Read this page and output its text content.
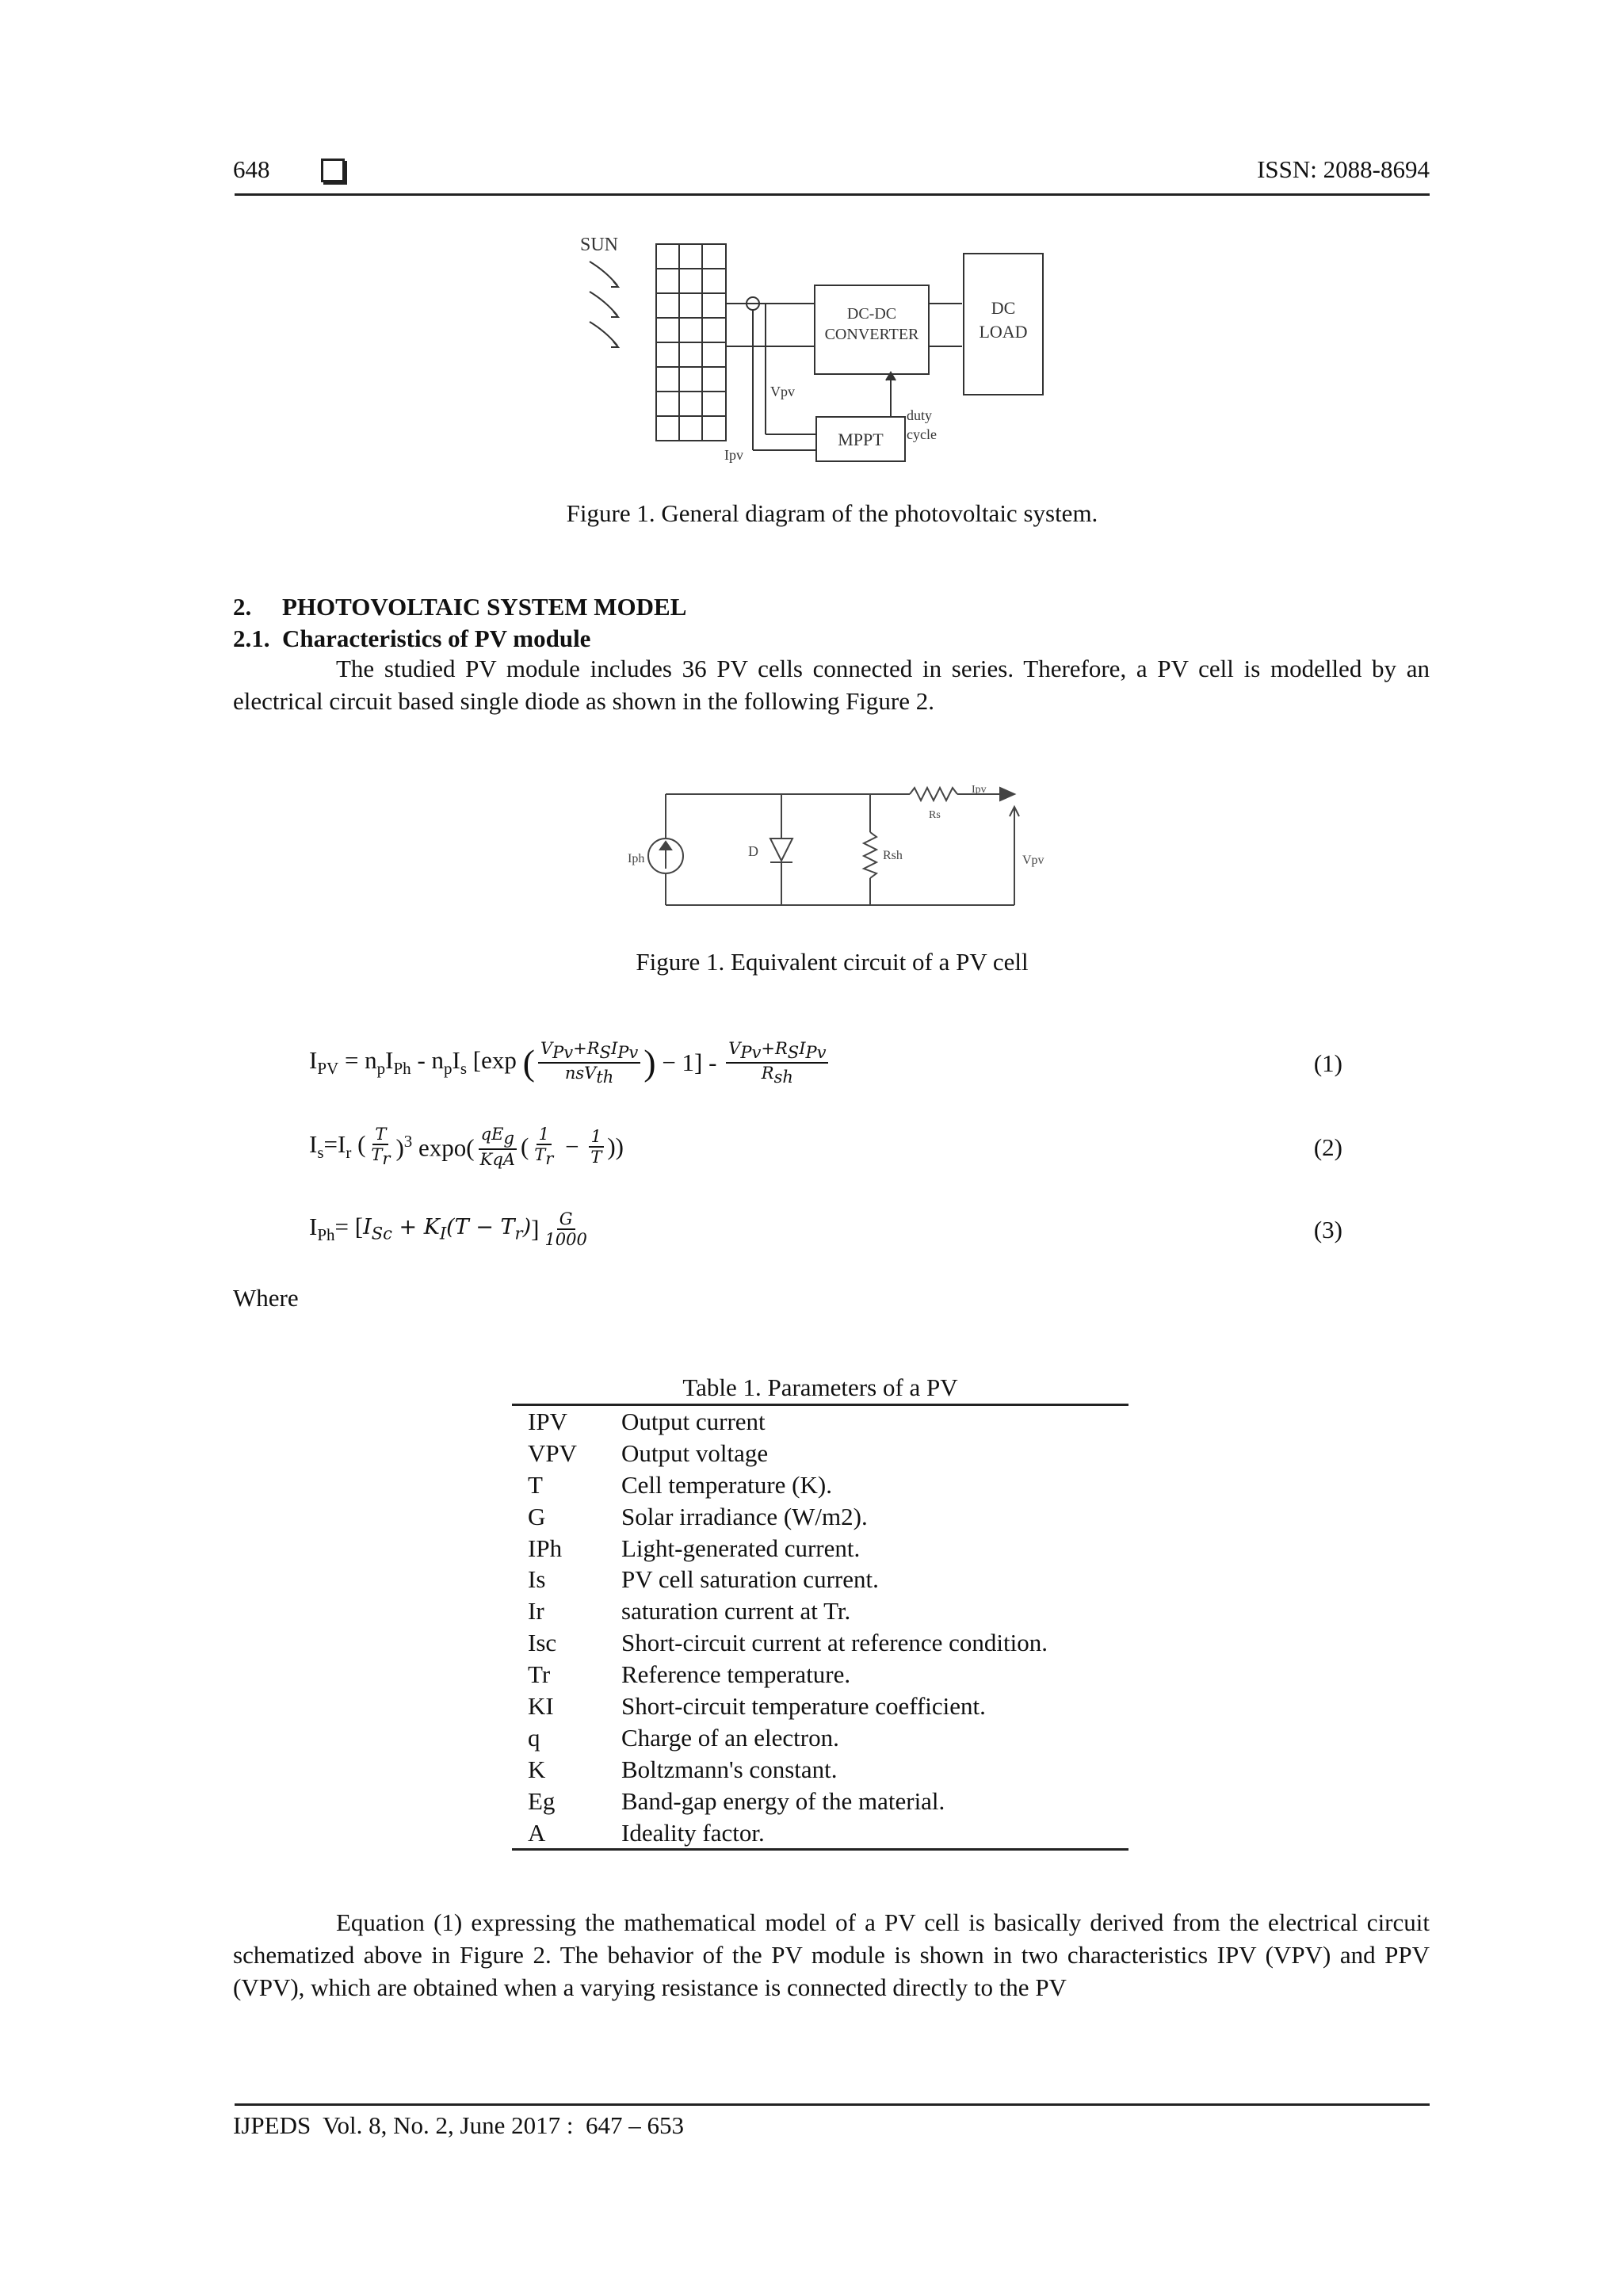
648	ISSN: 2088-8694
SUN
DC-DC
CONVERTER
MPPT
Vpv
Ipv
duty
cycle
DC
LOAD
Figure 1. General diagram of the photovoltaic system.
2.     PHOTOVOLTAIC SYSTEM MODEL
2.1.  Characteristics of PV module
The studied PV module includes 36 PV cells connected in series. Therefore, a PV cell is modelled by an electrical circuit based single diode as shown in the following Figure 2.
Iph	D	Rsh
Rs
Ipv
Vpv
Figure 1. Equivalent circuit of a PV cell
$I_{PV} = n_pI_{Ph} - n_pI_s$ [exp ( $\frac{V_{Pv}+R_SI_{Pv}}{nsV_{th}}$ ) − $1] - \frac{V_{Pv}+R_SI_{Pv}}{R_{sh}}$	(1)
$I_s=I_r$ ( $\frac{T}{T_r} )^3$ $\exp o( \frac{qE_g}{\text{KqA}}$ ( $\frac{1}{T_r} - \frac{1}{T}$ ))	(2)
$I_{Ph}=$ [ $I_{Sc} + K_I(T - T_r)$ ] $\frac{G}{1000}$	(3)
Where
Table 1. Parameters of a PV
IPV	Output current
VPV	Output voltage
T	Cell temperature (K).
G	Solar irradiance (W/m2).
IPh	Light-generated current.
Is	PV cell saturation current.
Ir	saturation current at Tr.
Isc	Short-circuit current at reference condition.
Tr	Reference temperature.
KI	Short-circuit temperature coefficient.
q	Charge of an electron.
K	Boltzmann's constant.
Eg	Band-gap energy of the material.
A	Ideality factor.
Equation (1) expressing the mathematical model of a PV cell is basically derived from the electrical circuit schematized above in Figure 2. The behavior of the PV module is shown in two characteristics IPV (VPV) and PPV (VPV), which are obtained when a varying resistance is connected directly to the PV
IJPEDS  Vol. 8, No. 2, June 2017 :  647 – 653
